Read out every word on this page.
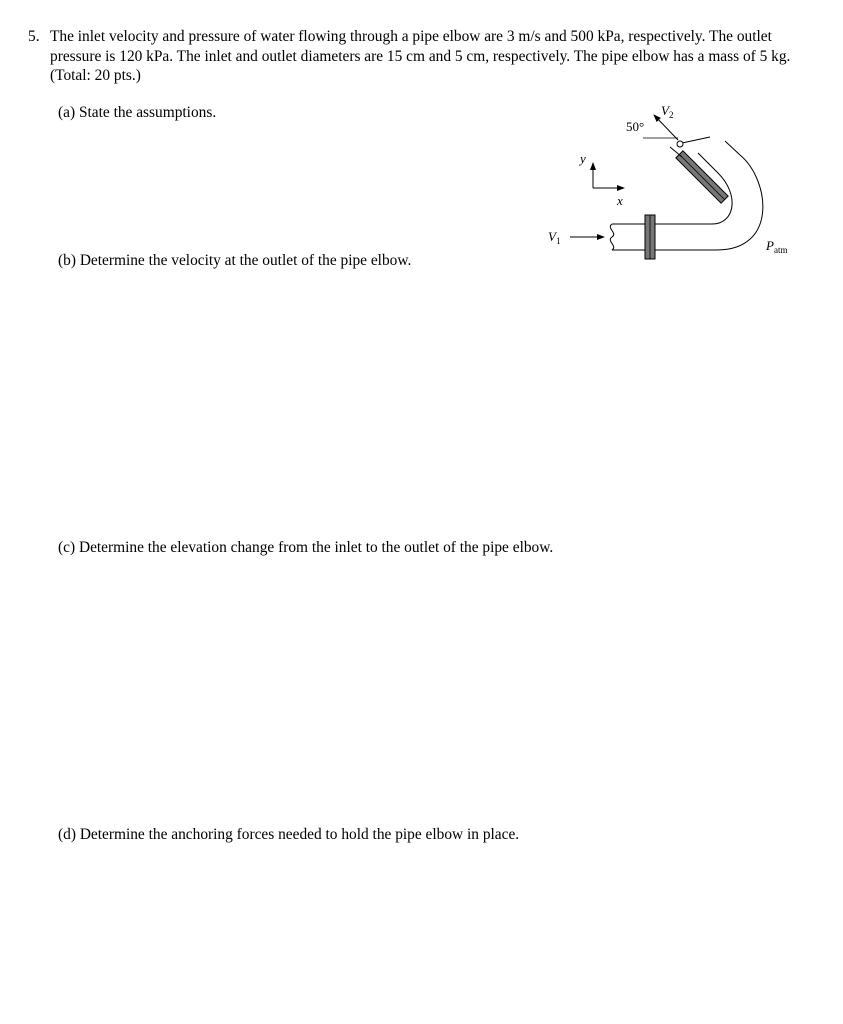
5. The inlet velocity and pressure of water flowing through a pipe elbow are 3 m/s and 500 kPa, respectively. The outlet pressure is 120 kPa. The inlet and outlet diameters are 15 cm and 5 cm, respectively. The pipe elbow has a mass of 5 kg. (Total: 20 pts.)
(a) State the assumptions.
(b) Determine the velocity at the outlet of the pipe elbow.
(c) Determine the elevation change from the inlet to the outlet of the pipe elbow.
(d) Determine the anchoring forces needed to hold the pipe elbow in place.
y
x
$V_1$
50°
$V_2$
$P_{atm}$
